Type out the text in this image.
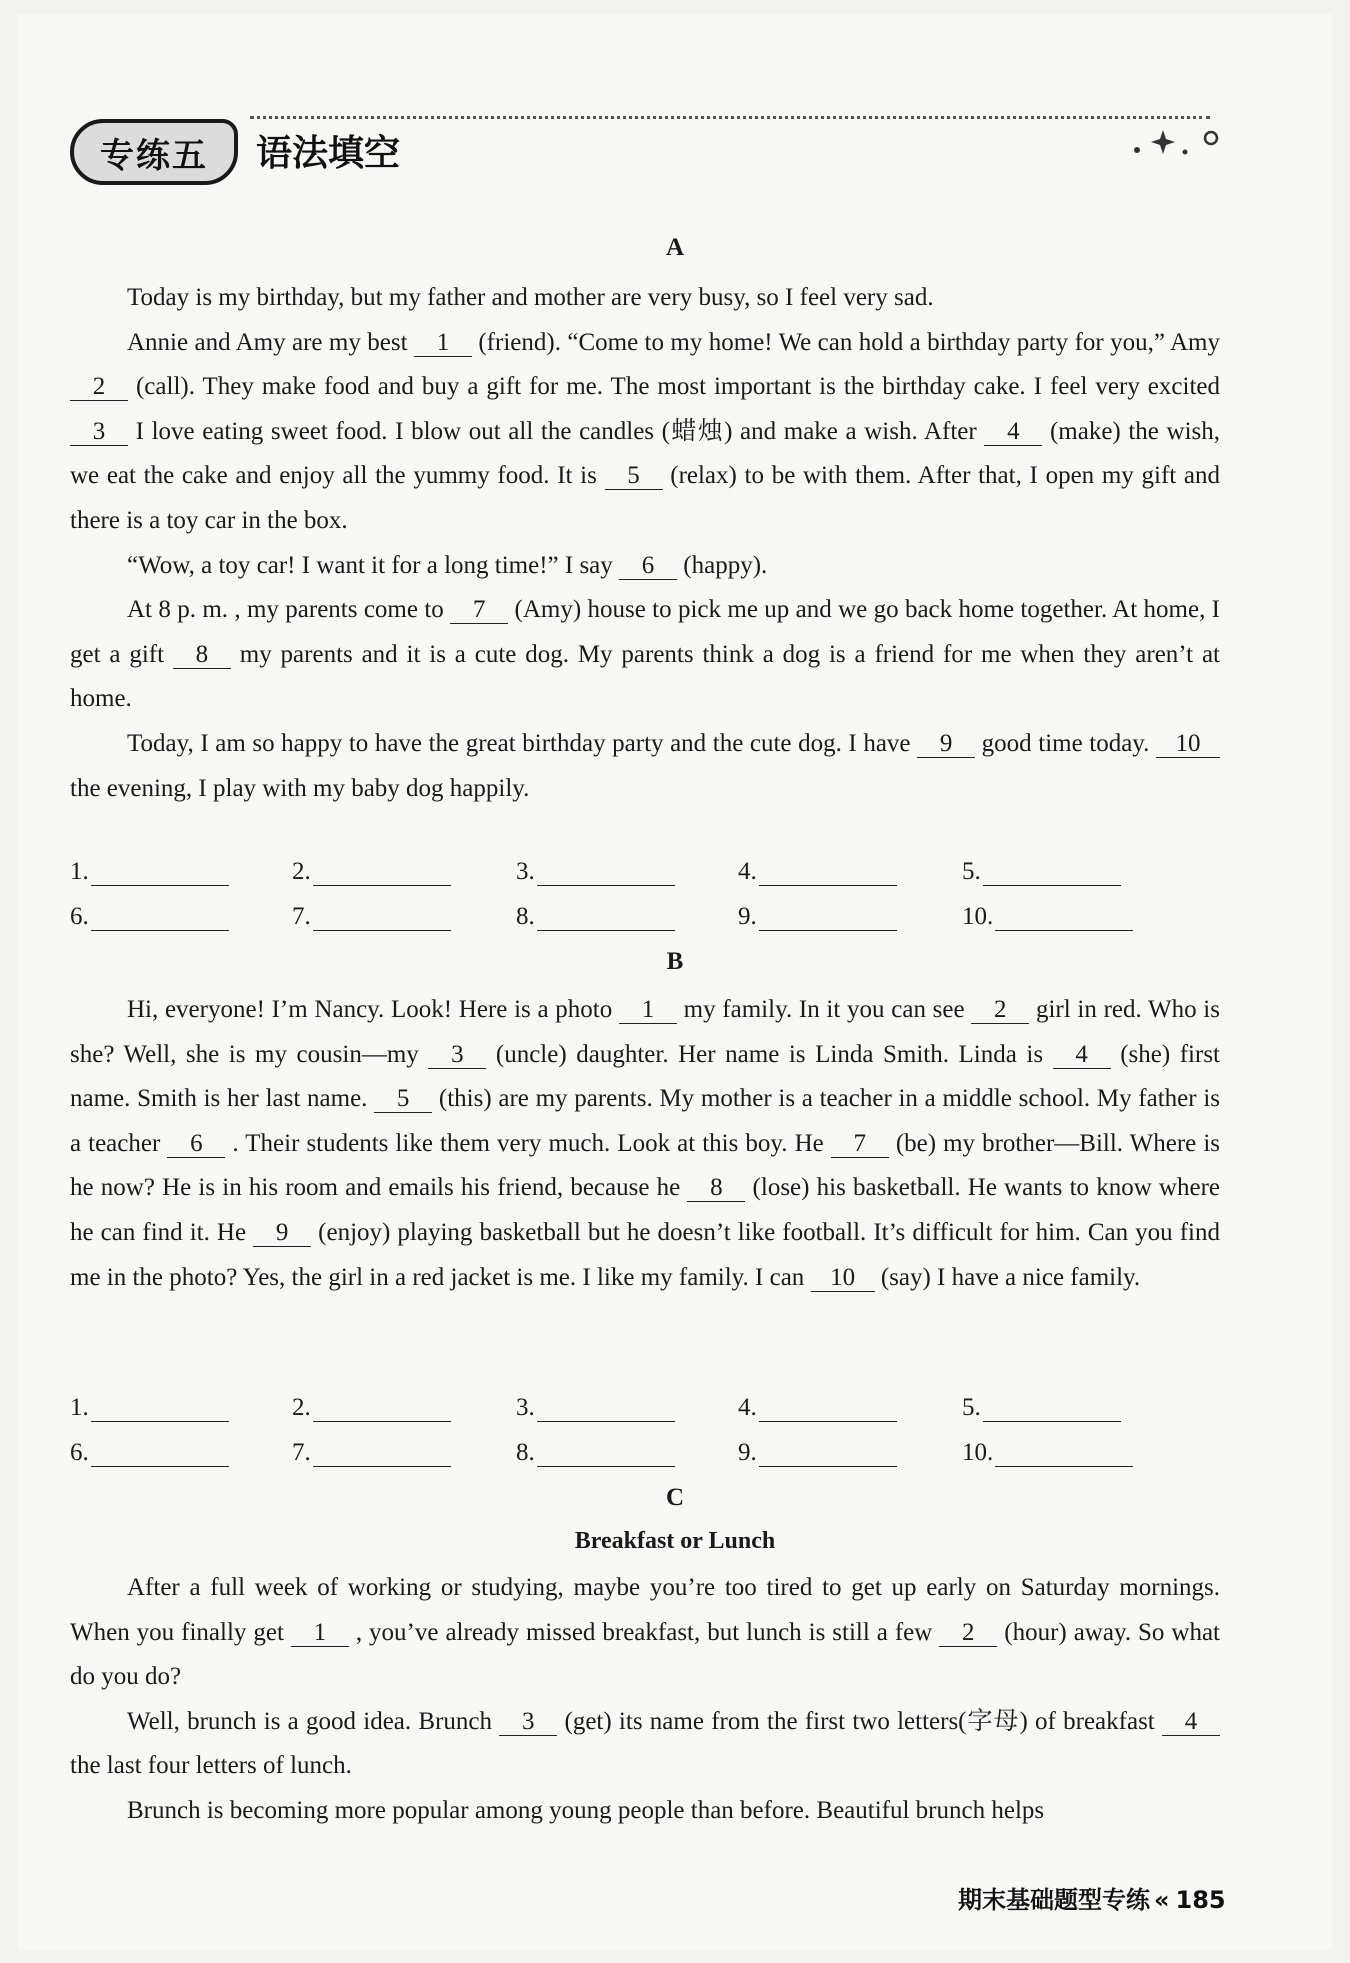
专练五 语法填空
A
Today is my birthday, but my father and mother are very busy, so I feel very sad.
Annie and Amy are my best 1 (friend). “Come to my home! We can hold a birthday party for you,” Amy 2 (call). They make food and buy a gift for me. The most important is the birthday cake. I feel very excited 3 I love eating sweet food. I blow out all the candles (蜡烛) and make a wish. After 4 (make) the wish, we eat the cake and enjoy all the yummy food. It is 5 (relax) to be with them. After that, I open my gift and there is a toy car in the box.
“Wow, a toy car! I want it for a long time!” I say 6 (happy).
At 8 p. m. , my parents come to 7 (Amy) house to pick me up and we go back home together. At home, I get a gift 8 my parents and it is a cute dog. My parents think a dog is a friend for me when they aren’t at home.
Today, I am so happy to have the great birthday party and the cute dog. I have 9 good time today. 10 the evening, I play with my baby dog happily.
1.	2.	3.	4.	5.
6.	7.	8.	9.	10.
B
Hi, everyone! I’m Nancy. Look! Here is a photo 1 my family. In it you can see 2 girl in red. Who is she? Well, she is my cousin—my 3 (uncle) daughter. Her name is Linda Smith. Linda is 4 (she) first name. Smith is her last name. 5 (this) are my parents. My mother is a teacher in a middle school. My father is a teacher 6 . Their students like them very much. Look at this boy. He 7 (be) my brother—Bill. Where is he now? He is in his room and emails his friend, because he 8 (lose) his basketball. He wants to know where he can find it. He 9 (enjoy) playing basketball but he doesn’t like football. It’s difficult for him. Can you find me in the photo? Yes, the girl in a red jacket is me. I like my family. I can 10 (say) I have a nice family.
1.	2.	3.	4.	5.
6.	7.	8.	9.	10.
C
Breakfast or Lunch
After a full week of working or studying, maybe you’re too tired to get up early on Saturday mornings. When you finally get 1 , you’ve already missed breakfast, but lunch is still a few 2 (hour) away. So what do you do?
Well, brunch is a good idea. Brunch 3 (get) its name from the first two letters(字母) of breakfast 4 the last four letters of lunch.
Brunch is becoming more popular among young people than before. Beautiful brunch helps
期末基础题型专练 « 185
